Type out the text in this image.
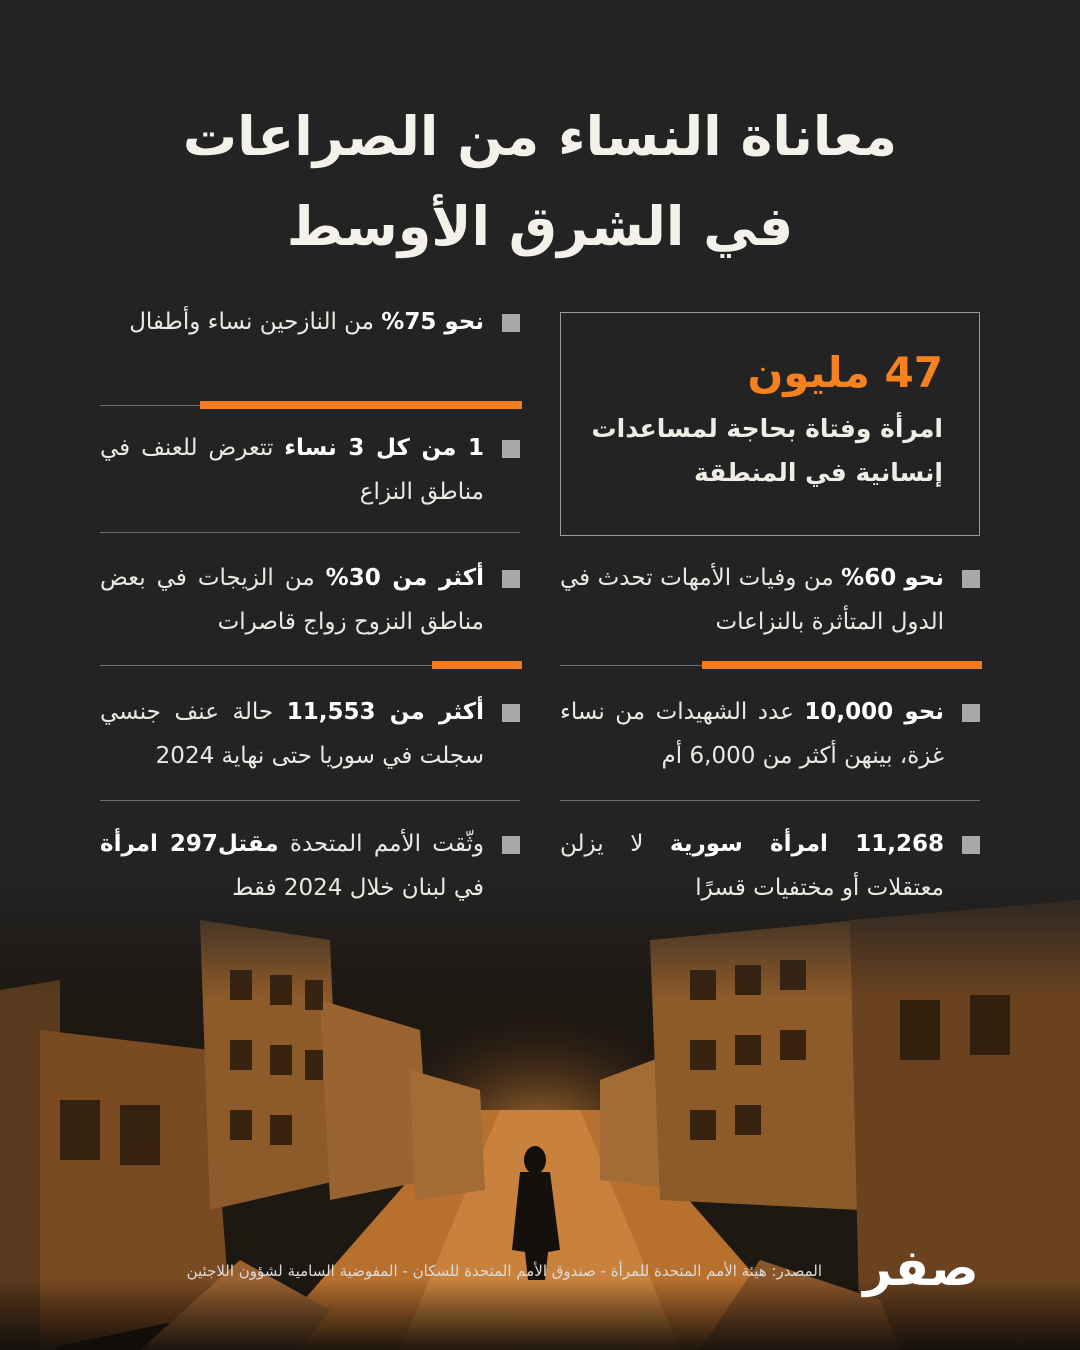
معاناة النساء من الصراعات
في الشرق الأوسط

نحو 75% من النازحين نساء وأطفال

1 من كل 3 نساء تتعرض للعنف في مناطق النزاع

أكثر من 30% من الزيجات في بعض مناطق النزوح زواج قاصرات

أكثر من 11,553 حالة عنف جنسي سجلت في سوريا حتى نهاية 2024

وثّقت الأمم المتحدة مقتل297 امرأة في لبنان خلال 2024 فقط

47 مليون
امرأة وفتاة بحاجة لمساعدات
إنسانية في المنطقة

نحو 60% من وفيات الأمهات تحدث في الدول المتأثرة بالنزاعات

نحو 10,000 عدد الشهيدات من نساء غزة، بينهن أكثر من 6,000 أم

11,268 امرأة سورية لا يزلن معتقلات أو مختفيات قسرًا

المصدر: هيئة الأمم المتحدة للمرأة - صندوق الأمم المتحدة للسكان - المفوضية السامية لشؤون اللاجئين صفر
